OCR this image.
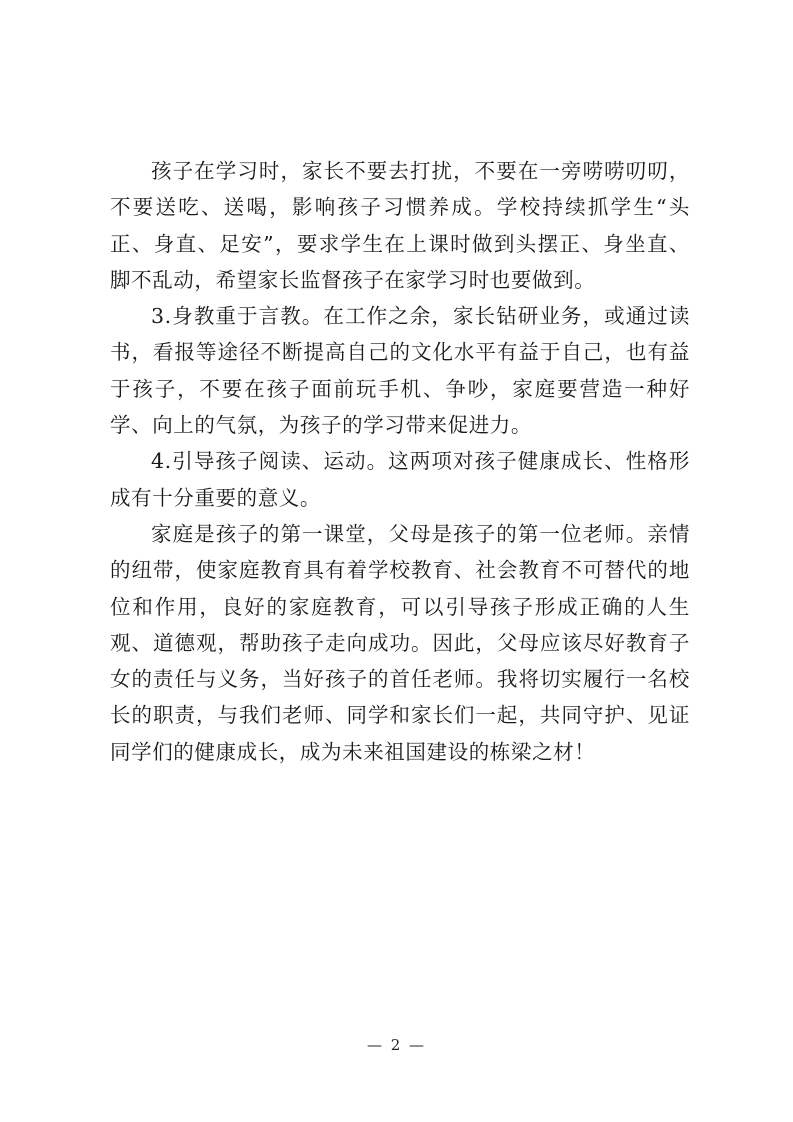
孩子在学习时，家长不要去打扰，不要在一旁唠唠叨叨，不要送吃、送喝，影响孩子习惯养成。学校持续抓学生“头正、身直、足安”，要求学生在上课时做到头摆正、身坐直、脚不乱动，希望家长监督孩子在家学习时也要做到。

3.身教重于言教。在工作之余，家长钻研业务，或通过读书，看报等途径不断提高自己的文化水平有益于自己，也有益于孩子，不要在孩子面前玩手机、争吵，家庭要营造一种好学、向上的气氛，为孩子的学习带来促进力。

4.引导孩子阅读、运动。这两项对孩子健康成长、性格形成有十分重要的意义。

家庭是孩子的第一课堂，父母是孩子的第一位老师。亲情的纽带，使家庭教育具有着学校教育、社会教育不可替代的地位和作用，良好的家庭教育，可以引导孩子形成正确的人生观、道德观，帮助孩子走向成功。因此，父母应该尽好教育子女的责任与义务，当好孩子的首任老师。我将切实履行一名校长的职责，与我们老师、同学和家长们一起，共同守护、见证同学们的健康成长，成为未来祖国建设的栋梁之材！

— 2 —
